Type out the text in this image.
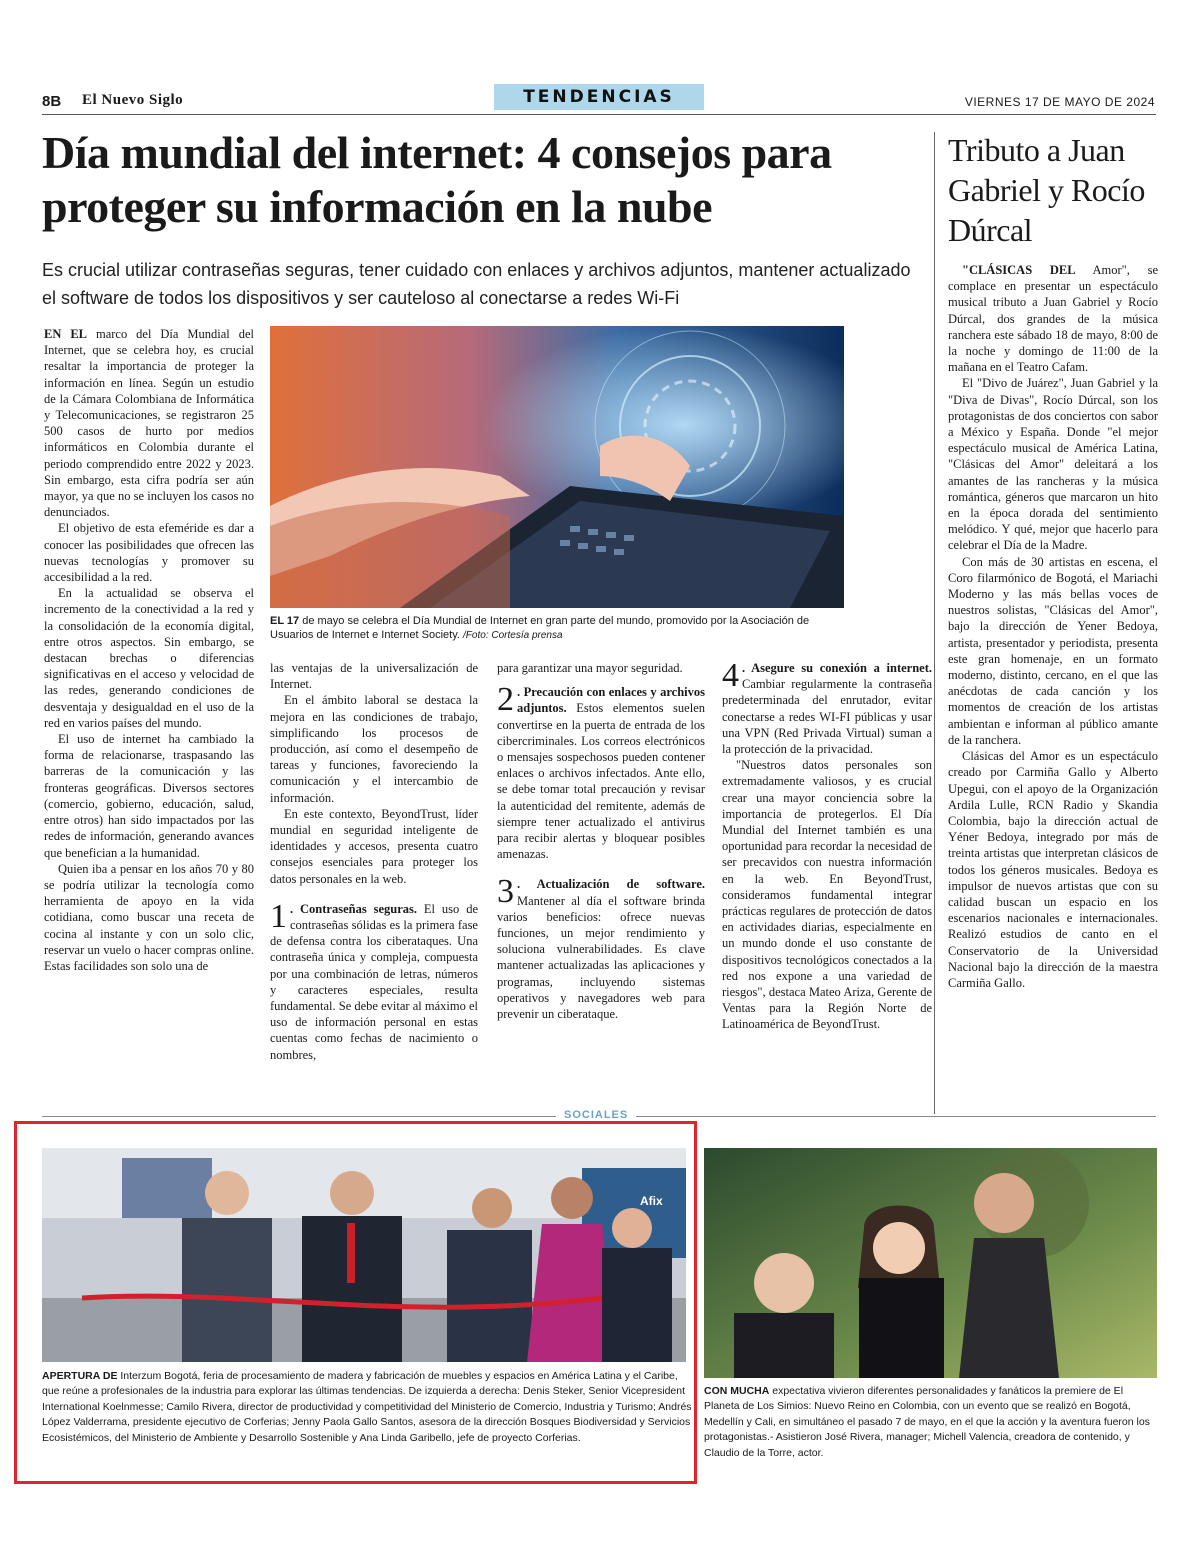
8B El Nuevo Siglo	TENDENCIAS	VIERNES 17 DE MAYO DE 2024
Día mundial del internet: 4 consejos para proteger su información en la nube

Es crucial utilizar contraseñas seguras, tener cuidado con enlaces y archivos adjuntos, mantener actualizado el software de todos los dispositivos y ser cauteloso al conectarse a redes Wi-Fi

EN EL marco del Día Mundial del Internet, que se celebra hoy, es crucial resaltar la importancia de proteger la información en línea. Según un estudio de la Cámara Colombiana de Informática y Telecomunicaciones, se registraron 25 500 casos de hurto por medios informáticos en Colombia durante el periodo comprendido entre 2022 y 2023. Sin embargo, esta cifra podría ser aún mayor, ya que no se incluyen los casos no denunciados.

El objetivo de esta efeméride es dar a conocer las posibilidades que ofrecen las nuevas tecnologías y promover su accesibilidad a la red.

En la actualidad se observa el incremento de la conectividad a la red y la consolidación de la economía digital, entre otros aspectos. Sin embargo, se destacan brechas o diferencias significativas en el acceso y velocidad de las redes, generando condiciones de desventaja y desigualdad en el uso de la red en varios países del mundo.

El uso de internet ha cambiado la forma de relacionarse, traspasando las barreras de la comunicación y las fronteras geográficas. Diversos sectores (comercio, gobierno, educación, salud, entre otros) han sido impactados por las redes de información, generando avances que benefician a la humanidad.

Quien iba a pensar en los años 70 y 80 se podría utilizar la tecnología como herramienta de apoyo en la vida cotidiana, como buscar una receta de cocina al instante y con un solo clic, reservar un vuelo o hacer compras online. Estas facilidades son solo una de

EL 17 de mayo se celebra el Día Mundial de Internet en gran parte del mundo, promovido por la Asociación de Usuarios de Internet e Internet Society. /Foto: Cortesía prensa

las ventajas de la universalización de Internet.

En el ámbito laboral se destaca la mejora en las condiciones de trabajo, simplificando los procesos de producción, así como el desempeño de tareas y funciones, favoreciendo la comunicación y el intercambio de información.

En este contexto, BeyondTrust, líder mundial en seguridad inteligente de identidades y accesos, presenta cuatro consejos esenciales para proteger los datos personales en la web.

1 . Contraseñas seguras. El uso de contraseñas sólidas es la primera fase de defensa contra los ciberataques. Una contraseña única y compleja, compuesta por una combinación de letras, números y caracteres especiales, resulta fundamental. Se debe evitar al máximo el uso de información personal en estas cuentas como fechas de nacimiento o nombres,

para garantizar una mayor seguridad.

2 . Precaución con enlaces y archivos adjuntos. Estos elementos suelen convertirse en la puerta de entrada de los cibercriminales. Los correos electrónicos o mensajes sospechosos pueden contener enlaces o archivos infectados. Ante ello, se debe tomar total precaución y revisar la autenticidad del remitente, además de siempre tener actualizado el antivirus para recibir alertas y bloquear posibles amenazas.

3 . Actualización de software. Mantener al día el software brinda varios beneficios: ofrece nuevas funciones, un mejor rendimiento y soluciona vulnerabilidades. Es clave mantener actualizadas las aplicaciones y programas, incluyendo sistemas operativos y navegadores web para prevenir un ciberataque.

4 . Asegure su conexión a internet. Cambiar regularmente la contraseña predeterminada del enrutador, evitar conectarse a redes WI-FI públicas y usar una VPN (Red Privada Virtual) suman a la protección de la privacidad.

"Nuestros datos personales son extremadamente valiosos, y es crucial crear una mayor conciencia sobre la importancia de protegerlos. El Día Mundial del Internet también es una oportunidad para recordar la necesidad de ser precavidos con nuestra información en la web. En BeyondTrust, consideramos fundamental integrar prácticas regulares de protección de datos en actividades diarias, especialmente en un mundo donde el uso constante de dispositivos tecnológicos conectados a la red nos expone a una variedad de riesgos", destaca Mateo Ariza, Gerente de Ventas para la Región Norte de Latinoamérica de BeyondTrust.

Tributo a Juan Gabriel y Rocío Dúrcal

"CLÁSICAS DEL Amor", se complace en presentar un espectáculo musical tributo a Juan Gabriel y Rocío Dúrcal, dos grandes de la música ranchera este sábado 18 de mayo, 8:00 de la noche y domingo de 11:00 de la mañana en el Teatro Cafam.

El "Divo de Juárez", Juan Gabriel y la "Diva de Divas", Rocío Dúrcal, son los protagonistas de dos conciertos con sabor a México y España. Donde "el mejor espectáculo musical de América Latina, "Clásicas del Amor" deleitará a los amantes de las rancheras y la música romántica, géneros que marcaron un hito en la época dorada del sentimiento melódico. Y qué, mejor que hacerlo para celebrar el Día de la Madre.

Con más de 30 artistas en escena, el Coro filarmónico de Bogotá, el Mariachi Moderno y las más bellas voces de nuestros solistas, "Clásicas del Amor", bajo la dirección de Yener Bedoya, artista, presentador y periodista, presenta este gran homenaje, en un formato moderno, distinto, cercano, en el que las anécdotas de cada canción y los momentos de creación de los artistas ambientan e informan al público amante de la ranchera.

Clásicas del Amor es un espectáculo creado por Carmiña Gallo y Alberto Upegui, con el apoyo de la Organización Ardila Lulle, RCN Radio y Skandia Colombia, bajo la dirección actual de Yéner Bedoya, integrado por más de treinta artistas que interpretan clásicos de todos los géneros musicales. Bedoya es impulsor de nuevos artistas que con su calidad buscan un espacio en los escenarios nacionales e internacionales. Realizó estudios de canto en el Conservatorio de la Universidad Nacional bajo la dirección de la maestra Carmiña Gallo.

SOCIALES
Afix

APERTURA DE Interzum Bogotá, feria de procesamiento de madera y fabricación de muebles y espacios en América Latina y el Caribe, que reúne a profesionales de la industria para explorar las últimas tendencias. De izquierda a derecha: Denis Steker, Senior Vicepresident International Koelnmesse; Camilo Rivera, director de productividad y competitividad del Ministerio de Comercio, Industria y Turismo; Andrés López Valderrama, presidente ejecutivo de Corferias; Jenny Paola Gallo Santos, asesora de la dirección Bosques Biodiversidad y Servicios Ecosistémicos, del Ministerio de Ambiente y Desarrollo Sostenible y Ana Linda Garibello, jefe de proyecto Corferias.

CON MUCHA expectativa vivieron diferentes personalidades y fanáticos la premiere de El Planeta de Los Simios: Nuevo Reino en Colombia, con un evento que se realizó en Bogotá, Medellín y Cali, en simultáneo el pasado 7 de mayo, en el que la acción y la aventura fueron los protagonistas.- Asistieron José Rivera, manager; Michell Valencia, creadora de contenido, y Claudio de la Torre, actor.
